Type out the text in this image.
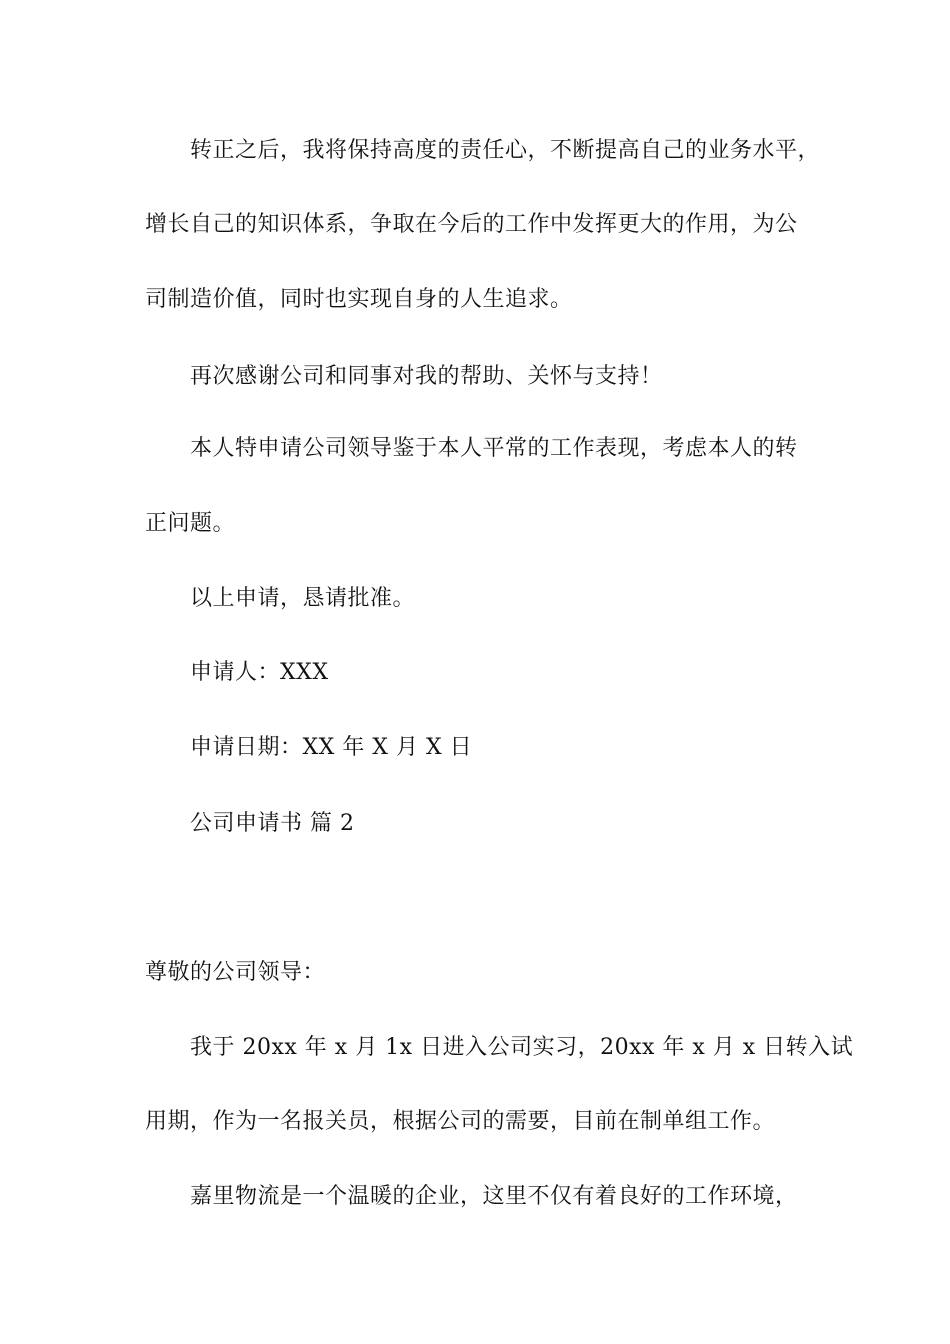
转正之后，我将保持高度的责任心，不断提高自己的业务水平，
增长自己的知识体系，争取在今后的工作中发挥更大的作用，为公
司制造价值，同时也实现自身的人生追求。
再次感谢公司和同事对我的帮助、关怀与支持！
本人特申请公司领导鉴于本人平常的工作表现，考虑本人的转
正问题。
以上申请，恳请批准。
申请人：XXX
申请日期：XX 年 X 月 X 日
公司申请书 篇 2
尊敬的公司领导：
我于 20xx 年 x 月 1x 日进入公司实习，20xx 年 x 月 x 日转入试
用期，作为一名报关员，根据公司的需要，目前在制单组工作。
嘉里物流是一个温暖的企业，这里不仅有着良好的工作环境，
